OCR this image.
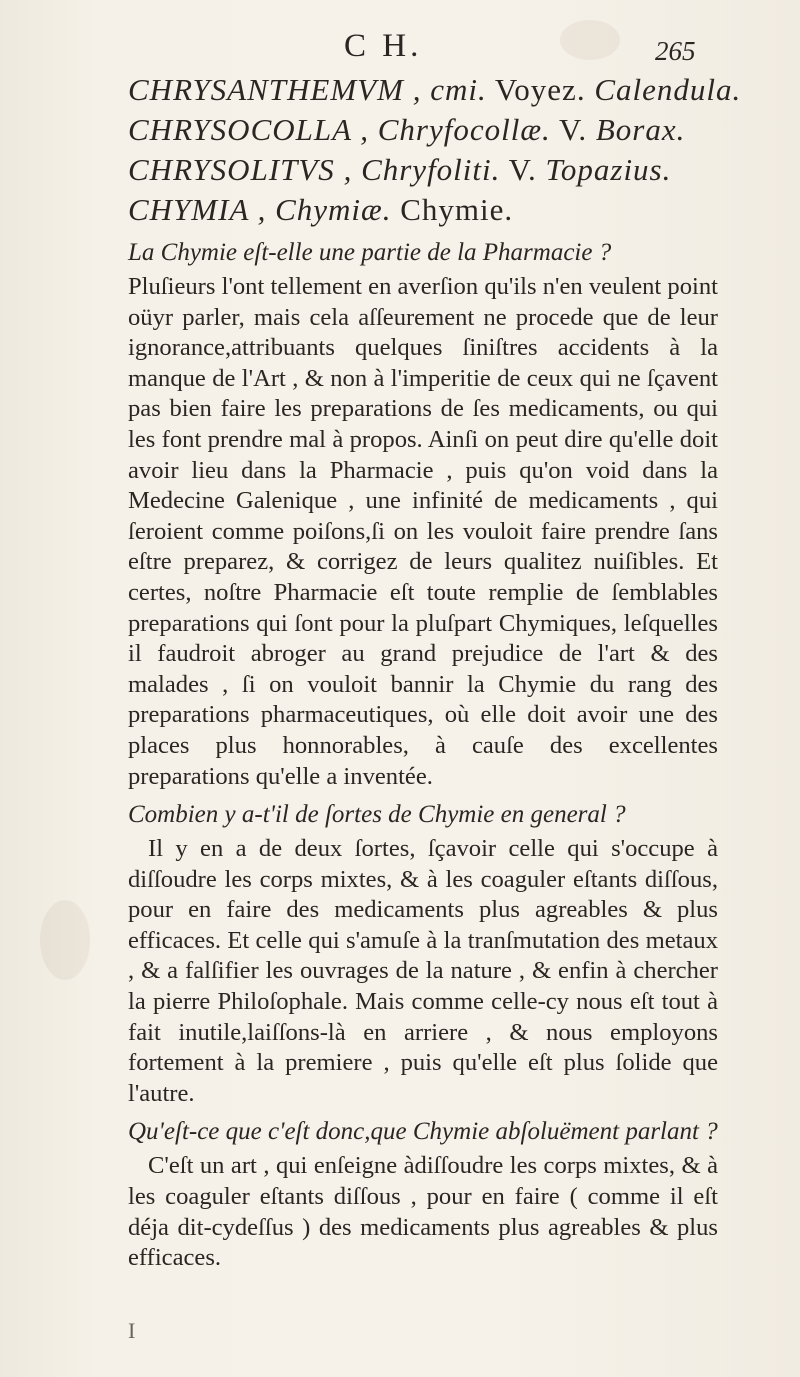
C H.	265

CHRYSANTHEMVM , cmi. Voyez. Calendula.

CHRYSOCOLLA , Chryfocollæ. V. Borax.

CHRYSOLITVS , Chryfoliti. V. Topazius.

CHYMIA , Chymiæ. Chymie.

La Chymie eſt-elle une partie de la Pharmacie ?

Pluſieurs l'ont tellement en averſion qu'ils n'en veulent point oüyr parler, mais cela aſſeurement ne procede que de leur ignorance,attribuants quelques ſiniſtres accidents à la manque de l'Art , & non à l'imperitie de ceux qui ne ſçavent pas bien faire les preparations de ſes medicaments, ou qui les font prendre mal à propos. Ainſi on peut dire qu'elle doit avoir lieu dans la Pharmacie , puis qu'on void dans la Medecine Galenique , une infinité de medicaments , qui ſeroient comme poiſons,ſi on les vouloit faire prendre ſans eſtre preparez, & corrigez de leurs qualitez nuiſibles. Et certes, noſtre Pharmacie eſt toute remplie de ſemblables preparations qui ſont pour la pluſpart Chymiques, leſquelles il faudroit abroger au grand prejudice de l'art & des malades , ſi on vouloit bannir la Chymie du rang des preparations pharmaceutiques, où elle doit avoir une des places plus honnorables, à cauſe des excellentes preparations qu'elle a inventée.

Combien y a-t'il de ſortes de Chymie en general ?

Il y en a de deux ſortes, ſçavoir celle qui s'occupe à diſſoudre les corps mixtes, & à les coaguler eſtants diſſous, pour en faire des medicaments plus agreables & plus efficaces. Et celle qui s'amuſe à la tranſmutation des metaux , & a falſifier les ouvrages de la nature , & enfin à chercher la pierre Philoſophale. Mais comme celle-cy nous eſt tout à fait inutile,laiſſons-là en arriere , & nous employons fortement à la premiere , puis qu'elle eſt plus ſolide que l'autre.

Qu'eſt-ce que c'eſt donc,que Chymie abſoluëment parlant ?

C'eſt un art , qui enſeigne àdiſſoudre les corps mixtes, & à les coaguler eſtants diſſous , pour en faire ( comme il eſt déja dit-cydeſſus ) des medicaments plus agreables & plus efficaces.

I
